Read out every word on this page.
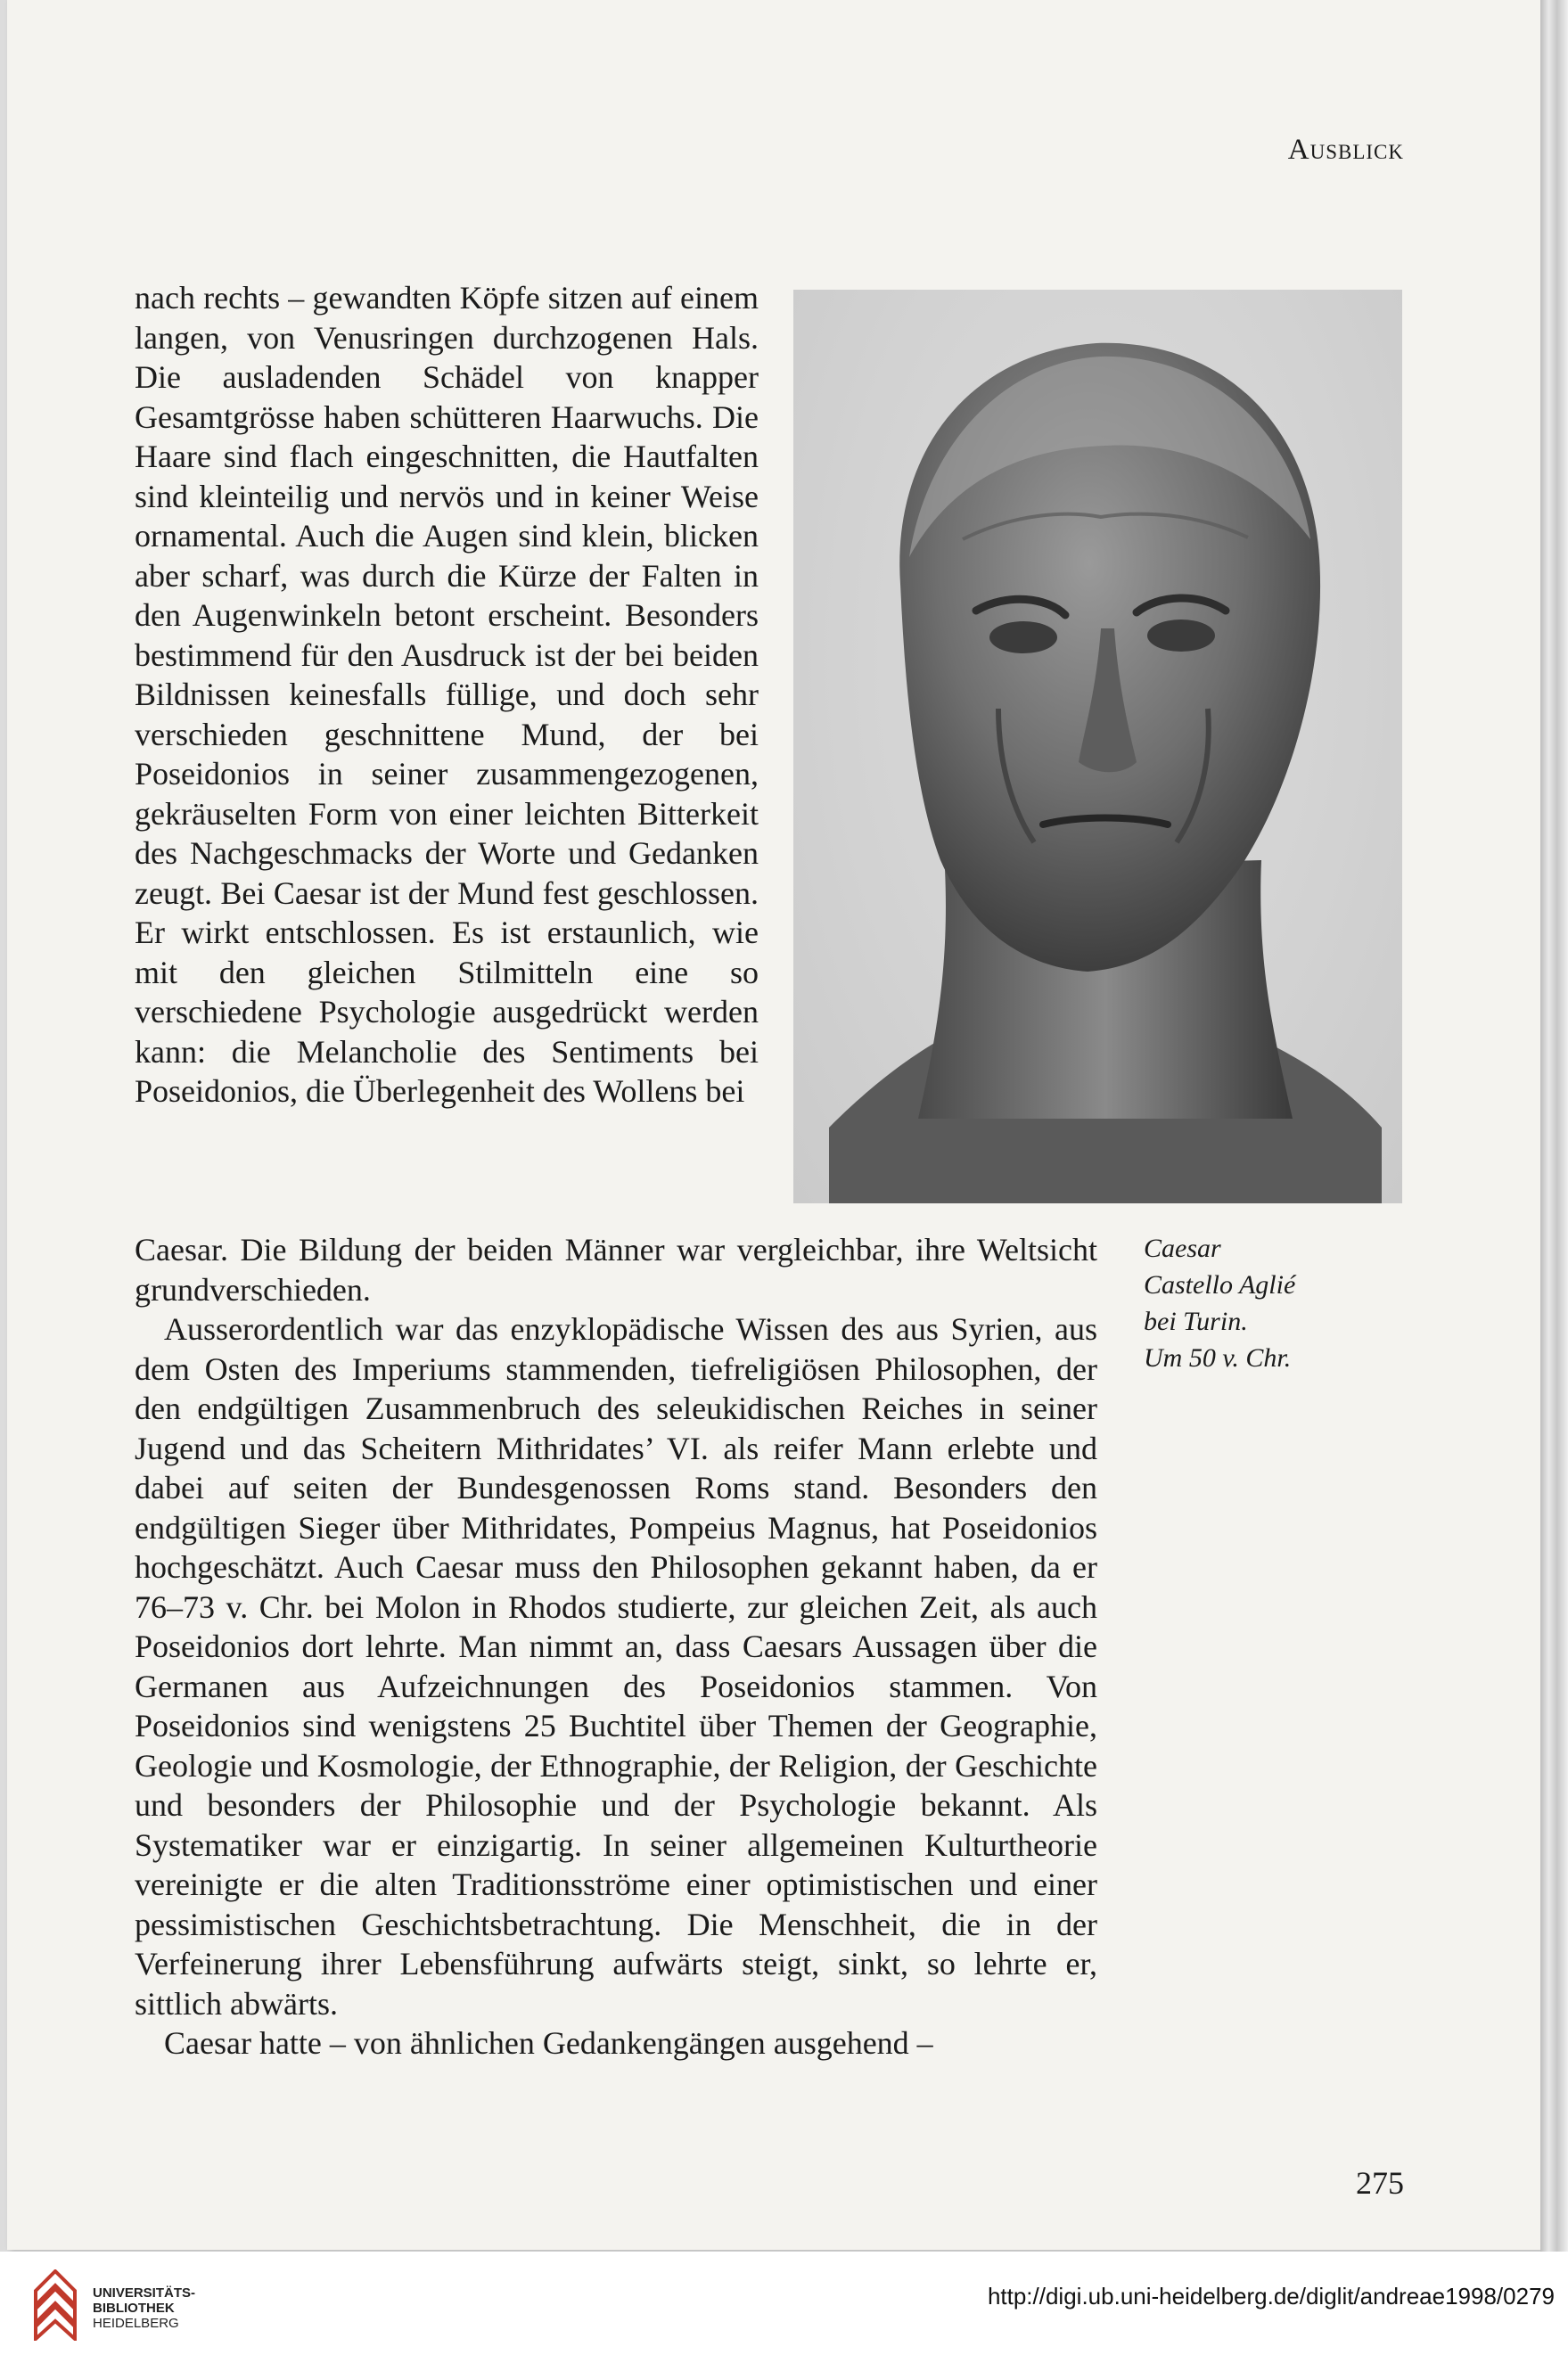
Ausblick

nach rechts – gewandten Köpfe sitzen auf einem langen, von Venusringen durchzogenen Hals. Die ausladenden Schädel von knapper Gesamtgrösse haben schütteren Haarwuchs. Die Haare sind flach eingeschnitten, die Hautfalten sind kleinteilig und nervös und in keiner Weise ornamental. Auch die Augen sind klein, blicken aber scharf, was durch die Kürze der Falten in den Augenwinkeln betont erscheint. Besonders bestimmend für den Ausdruck ist der bei beiden Bildnissen keinesfalls füllige, und doch sehr verschieden geschnittene Mund, der bei Poseidonios in seiner zusammengezogenen, gekräuselten Form von einer leichten Bitterkeit des Nachgeschmacks der Worte und Gedanken zeugt. Bei Caesar ist der Mund fest geschlossen. Er wirkt entschlossen. Es ist erstaunlich, wie mit den gleichen Stilmitteln eine so verschiedene Psychologie ausgedrückt werden kann: die Melancholie des Sentiments bei Poseidonios, die Überlegenheit des Wollens bei

Caesar
Castello Aglié
bei Turin.
Um 50 v. Chr.

Caesar. Die Bildung der beiden Männer war vergleichbar, ihre Weltsicht grundverschieden.

Ausserordentlich war das enzyklopädische Wissen des aus Syrien, aus dem Osten des Imperiums stammenden, tiefreligiösen Philosophen, der den endgültigen Zusammenbruch des seleukidischen Reiches in seiner Jugend und das Scheitern Mithridates’ VI. als reifer Mann erlebte und dabei auf seiten der Bundesgenossen Roms stand. Besonders den endgültigen Sieger über Mithridates, Pompeius Magnus, hat Poseidonios hochgeschätzt. Auch Caesar muss den Philosophen gekannt haben, da er 76–73 v. Chr. bei Molon in Rhodos studierte, zur gleichen Zeit, als auch Poseidonios dort lehrte. Man nimmt an, dass Caesars Aussagen über die Germanen aus Aufzeichnungen des Poseidonios stammen. Von Poseidonios sind wenigstens 25 Buchtitel über Themen der Geographie, Geologie und Kosmologie, der Ethnographie, der Religion, der Geschichte und besonders der Philosophie und der Psychologie bekannt. Als Systematiker war er einzigartig. In seiner allgemeinen Kulturtheorie vereinigte er die alten Traditionsströme einer optimistischen und einer pessimistischen Geschichtsbetrachtung. Die Menschheit, die in der Verfeinerung ihrer Lebensführung aufwärts steigt, sinkt, so lehrte er, sittlich abwärts.

Caesar hatte – von ähnlichen Gedankengängen ausgehend –

275
UNIVERSITÄTS-
BIBLIOTHEK
HEIDELBERG
http://digi.ub.uni-heidelberg.de/diglit/andreae1998/0279
